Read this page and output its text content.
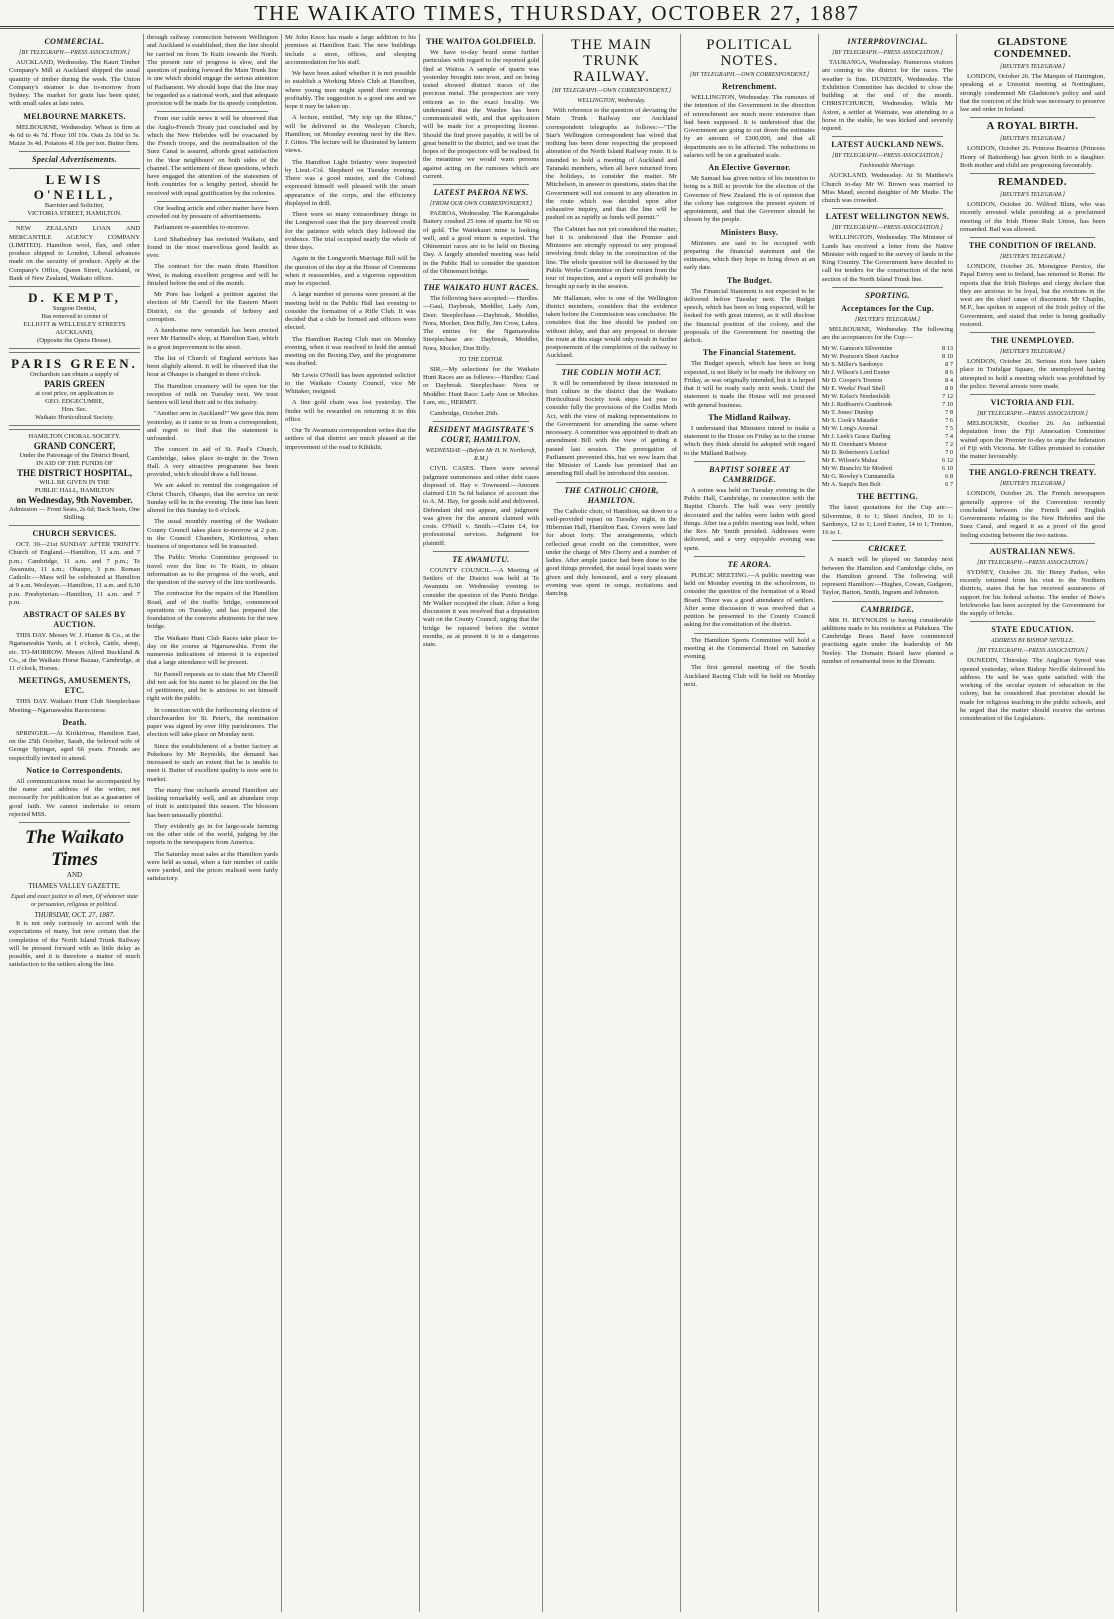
THE WAIKATO TIMES, THURSDAY, OCTOBER 27, 1887
COMMERCIAL.
[BY TELEGRAPH.—PRESS ASSOCIATION.]

AUCKLAND, Wednesday. The Kauri Timber Company's Mill at Auckland shipped the usual quantity of timber during the week. The Union Company's steamer is due to-morrow from Sydney. The market for grain has been quiet, with small sales at late rates.

MELBOURNE MARKETS.

MELBOURNE, Wednesday. Wheat is firm at 4s 6d to 4s 7d. Flour 10l 10s. Oats 2s 10d to 3s. Maize 3s 4d. Potatoes 4l 10s per ton. Butter firm.

Special Advertisements.
LEWIS O'NEILL,
Barrister and Solicitor,
VICTORIA STREET, HAMILTON.

NEW ZEALAND LOAN AND MERCANTILE AGENCY COMPANY (LIMITED). Hamilton wool, flax, and other produce shipped to London, Liberal advances made on the security of produce. Apply at the Company's Office, Queen Street, Auckland, or Bank of New Zealand, Waikato offices.

D. KEMPT,
Surgeon Dentist,
Has removed to corner of
ELLIOTT & WELLESLEY STREETS
AUCKLAND,
(Opposite the Opera House).
PARIS GREEN.
Orchardists can obtain a supply of
PARIS GREEN
at cost price, on application to
GEO. EDGECUMBE,
Hon. Sec.
Waikato Horticultural Society.
HAMILTON CHORAL SOCIETY.
GRAND CONCERT,
Under the Patronage of the District Board,
IN AID OF THE FUNDS OF
THE DISTRICT HOSPITAL,
WILL BE GIVEN IN THE
PUBLIC HALL, HAMILTON
on Wednesday, 9th November.
Admission — Front Seats, 2s 6d; Back Seats, One Shilling.
CHURCH SERVICES.

OCT. 30—21st SUNDAY AFTER TRINITY. Church of England.—Hamilton, 11 a.m. and 7 p.m.; Cambridge, 11 a.m. and 7 p.m.; Te Awamutu, 11 a.m.; Ohaupo, 3 p.m. Roman Catholic.—Mass will be celebrated at Hamilton at 9 a.m. Wesleyan.—Hamilton, 11 a.m. and 6.30 p.m. Presbyterian.—Hamilton, 11 a.m. and 7 p.m.

ABSTRACT OF SALES BY AUCTION.

THIS DAY. Messrs W. J. Hunter & Co., at the Ngaruawahia Yards, at 1 o'clock, Cattle, sheep, etc. TO-MORROW. Messrs Alfred Buckland & Co., at the Waikato Horse Bazaar, Cambridge, at 11 o'clock, Horses.

MEETINGS, AMUSEMENTS, ETC.

THIS DAY. Waikato Hunt Club Steeplechase Meeting—Ngaruawahia Racecourse.

Death.

SPRINGER.—At Kirikiriroa, Hamilton East, on the 25th October, Sarah, the beloved wife of George Springer, aged 66 years. Friends are respectfully invited to attend.

Notice to Correspondents.

All communications must be accompanied by the name and address of the writer, not necessarily for publication but as a guarantee of good faith. We cannot undertake to return rejected MSS.

The Waikato Times
AND
THAMES VALLEY GAZETTE.
Equal and exact justice to all men, Of whatever state or persuasion, religious or political.
THURSDAY, OCT. 27, 1887.

It is not only curiously in accord with the expectations of many, but now certain that the completion of the North Island Trunk Railway will be pressed forward with as little delay as possible, and it is therefore a matter of much satisfaction to the settlers along the line.

through railway connection between Wellington and Auckland is established, then the line should be carried on from Te Kuiti towards the North. The present rate of progress is slow, and the question of pushing forward the Main Trunk line is one which should engage the serious attention of Parliament. We should hope that the line may be regarded as a national work, and that adequate provision will be made for its speedy completion.

From our cable news it will be observed that the Anglo-French Treaty just concluded and by which the New Hebrides will be evacuated by the French troops, and the neutralisation of the Suez Canal is assured, affords great satisfaction to the 'dear neighbours' on both sides of the channel. The settlement of these questions, which have engaged the attention of the statesmen of both countries for a lengthy period, should be received with equal gratification by the colonies.

Our leading article and other matter have been crowded out by pressure of advertisements.

Parliament re-assembles to-morrow.

Lord Shaftesbury has revisited Waikato, and found in the most marvellous good health as ever.

The contract for the main drain Hamilton West, is making excellent progress and will be finished before the end of the month.

Mr Pore has lodged a petition against the election of Mr Carroll for the Eastern Maori District, on the grounds of bribery and corruption.

A handsome new verandah has been erected over Mr Hartnell's shop, at Hamilton East, which is a great improvement to the street.

The list of Church of England services has been slightly altered. It will be observed that the hour at Ohaupo is changed to three o'clock.

The Hamilton creamery will be open for the reception of milk on Tuesday next. We trust farmers will lend their aid to this industry.

"Another arm in Auckland!" We gave this item yesterday, as it came to us from a correspondent, and regret to find that the statement is unfounded.

The concert in aid of St. Paul's Church, Cambridge, takes place to-night in the Town Hall. A very attractive programme has been provided, which should draw a full house.

We are asked to remind the congregation of Christ Church, Ohaupo, that the service on next Sunday will be in the evening. The time has been altered for this Sunday to 6 o'clock.

The usual monthly meeting of the Waikato County Council takes place to-morrow at 2 p.m. in the Council Chambers, Kirikiriroa, when business of importance will be transacted.

The Public Works Committee proposed to travel over the line to Te Kuiti, to obtain information as to the progress of the work, and the question of the survey of the line northwards.

The contractor for the repairs of the Hamilton Road, and of the traffic bridge, commenced operations on Tuesday, and has prepared the foundation of the concrete abutments for the new bridge.

The Waikato Hunt Club Races take place to-day on the course at Ngaruawahia. From the numerous indications of interest it is expected that a large attendance will be present.

Sir Parnell requests us to state that Mr Cherrill did not ask for his name to be placed on the list of petitioners, and he is anxious to set himself right with the public.

In connection with the forthcoming election of churchwarden for St. Peter's, the nomination paper was signed by over fifty parishioners. The election will take place on Monday next.

Since the establishment of a butter factory at Pukekura by Mr Reynolds, the demand has increased to such an extent that he is unable to meet it. Butter of excellent quality is now sent to market.

The many fine orchards around Hamilton are looking remarkably well, and an abundant crop of fruit is anticipated this season. The blossom has been unusually plentiful.

They evidently go in for large-scale farming on the other side of the world, judging by the reports in the newspapers from America.

The Saturday meat sales at the Hamilton yards were held as usual, when a fair number of cattle were yarded, and the prices realised were fairly satisfactory.

Mr John Knox has made a large addition to his premises at Hamilton East. The new buildings include a store, offices, and sleeping accommodation for his staff.

We have been asked whether it is not possible to establish a Working Men's Club at Hamilton, where young men might spend their evenings profitably. The suggestion is a good one and we hope it may be taken up.

A lecture, entitled, "My trip up the Rhine," will be delivered in the Wesleyan Church, Hamilton, on Monday evening next by the Rev. J. Gittos. The lecture will be illustrated by lantern views.

The Hamilton Light Infantry were inspected by Lieut.-Col. Shepherd on Tuesday evening. There was a good muster, and the Colonel expressed himself well pleased with the smart appearance of the corps, and the efficiency displayed in drill.

There were so many extraordinary things in the Longwood case that the jury deserved credit for the patience with which they followed the evidence. The trial occupied nearly the whole of three days.

Again in the Longworth Marriage Bill will be the question of the day at the House of Commons when it reassembles, and a vigorous opposition may be expected.

A large number of persons were present at the meeting held in the Public Hall last evening to consider the formation of a Rifle Club. It was decided that a club be formed and officers were elected.

The Hamilton Racing Club met on Monday evening, when it was resolved to hold the annual meeting on the Boxing Day, and the programme was drafted.

Mr Lewis O'Neill has been appointed solicitor to the Waikato County Council, vice Mr Whitaker, resigned.

A fine gold chain was lost yesterday. The finder will be rewarded on returning it to this office.

Our Te Awamutu correspondent writes that the settlers of that district are much pleased at the improvement of the road to Kihikihi.

THE WAITOA GOLDFIELD.

We have to-day heard some further particulars with regard to the reported gold find at Waitoa. A sample of quartz was yesterday brought into town, and on being tested showed distinct traces of the precious metal. The prospectors are very reticent as to the exact locality. We understand that the Warden has been communicated with, and that application will be made for a prospecting license. Should the find prove payable, it will be of great benefit to the district, and we trust the hopes of the prospectors will be realised. In the meantime we would warn persons against acting on the rumours which are current.

LATEST PAEROA NEWS.
[FROM OUR OWN CORRESPONDENT.]

PAEROA, Wednesday. The Karangahake Battery crushed 25 tons of quartz for 90 oz of gold. The Waitekauri mine is looking well, and a good return is expected. The Ohinemuri races are to be held on Boxing Day. A largely attended meeting was held in the Public Hall to consider the question of the Ohinemuri bridge.

THE WAIKATO HUNT RACES.

The following have accepted:— Hurdles.—Gaul, Daybreak, Meddler, Lady Ann, Deer. Steeplechase.—Daybreak, Meddler, Nora, Mocker, Don Billy, Jim Crow, Lubra. The entries for the Ngaruawahia Steeplechase are: Daybreak, Meddler, Nora, Mocker, Don Billy.

TO THE EDITOR.

SIR,—My selections for the Waikato Hunt Races are as follows:—Hurdles: Gaul or Daybreak. Steeplechase: Nora or Meddler. Hunt Race: Lady Ann or Mocker. I am, etc., HERMIT.

Cambridge, October 26th.

RESIDENT MAGISTRATE'S COURT, HAMILTON.
WEDNESDAY.—(Before Mr H. W. Northcroft, R.M.)

CIVIL CASES. There were several judgment summonses and other debt cases disposed of. Hay v. Townsend.—Amount claimed £16 5s 6d balance of account due to A. M. Hay, for goods sold and delivered. Defendant did not appear, and judgment was given for the amount claimed with costs. O'Neill v. Smith.—Claim £4, for professional services. Judgment for plaintiff.

TE AWAMUTU.

COUNTY COUNCIL.—A Meeting of Settlers of the District was held at Te Awamutu on Wednesday evening to consider the question of the Puniu Bridge. Mr Walker occupied the chair. After a long discussion it was resolved that a deputation wait on the County Council, urging that the bridge be repaired before the winter months, as at present it is in a dangerous state.

THE MAIN TRUNK RAILWAY.
[BY TELEGRAPH.—OWN CORRESPONDENT.]
WELLINGTON, Wednesday.

With reference to the question of deviating the Main Trunk Railway our Auckland correspondent telegraphs as follows:—"The Star's Wellington correspondent has wired that nothing has been done respecting the proposed alteration of the North Island Railway route. It is intended to hold a meeting of Auckland and Taranaki members, when all have returned from the holidays, to consider the matter. Mr Mitchelson, in answer to questions, states that the Government will not consent to any alteration in the route which was decided upon after exhaustive inquiry, and that the line will be pushed on as rapidly as funds will permit."

The Cabinet has not yet considered the matter, but it is understood that the Premier and Ministers are strongly opposed to any proposal involving fresh delay in the construction of the line. The whole question will be discussed by the Public Works Committee on their return from the tour of inspection, and a report will probably be brought up early in the session.

Mr Hallaman, who is one of the Wellington district members, considers that the evidence taken before the Commission was conclusive. He considers that the line should be pushed on without delay, and that any proposal to deviate the route at this stage would only result in further postponement of the completion of the railway to Auckland.

THE CODLIN MOTH ACT.

It will be remembered by those interested in fruit culture in the district that the Waikato Horticultural Society took steps last year to consider fully the provisions of the Codlin Moth Act, with the view of making representations to the Government for amending the same where necessary. A committee was appointed to draft an amendment Bill with the view of getting it passed last session. The prorogation of Parliament prevented this, but we now learn that the Minister of Lands has promised that an amending Bill shall be introduced this session.

THE CATHOLIC CHOIR, HAMILTON.

The Catholic choir, of Hamilton, sat down to a well-provided repast on Tuesday night, in the Hibernian Hall, Hamilton East. Covers were laid for about forty. The arrangements, which reflected great credit on the committee, were under the charge of Mrs Cherry and a number of ladies. After ample justice had been done to the good things provided, the usual loyal toasts were given and duly honoured, and a very pleasant evening was spent in songs, recitations and dancing.

POLITICAL NOTES.
[BY TELEGRAPH.—OWN CORRESPONDENT.]
Retrenchment.

WELLINGTON, Wednesday. The rumours of the intention of the Government in the direction of retrenchment are much more extensive than had been supposed. It is understood that the Government are going to cut down the estimates by an amount of £300,000, and that all departments are to be affected. The reductions in salaries will be on a graduated scale.

An Elective Governor.

Mr Samuel has given notice of his intention to bring in a Bill to provide for the election of the Governor of New Zealand. He is of opinion that the colony has outgrown the present system of appointment, and that the Governor should be chosen by the people.

Ministers Busy.

Ministers are said to be occupied with preparing the financial statement and the estimates, which they hope to bring down at an early date.

The Budget.

The Financial Statement is not expected to be delivered before Tuesday next. The Budget speech, which has been so long expected, will be looked for with great interest, as it will disclose the financial position of the colony, and the proposals of the Government for meeting the deficit.

The Financial Statement.

The Budget speech, which has been so long expected, is not likely to be ready for delivery on Friday, as was originally intended, but it is hoped that it will be ready early next week. Until the statement is made the House will not proceed with general business.

The Midland Railway.

I understand that Ministers intend to make a statement to the House on Friday as to the course which they think should be adopted with regard to the Midland Railway.

BAPTIST SOIREE AT CAMBRIDGE.

A soiree was held on Tuesday evening in the Public Hall, Cambridge, in connection with the Baptist Church. The hall was very prettily decorated and the tables were laden with good things. After tea a public meeting was held, when the Rev. Mr Smith presided. Addresses were delivered, and a very enjoyable evening was spent.

TE ARORA.

PUBLIC MEETING.—A public meeting was held on Monday evening in the schoolroom, to consider the question of the formation of a Road Board. There was a good attendance of settlers. After some discussion it was resolved that a petition be presented to the County Council asking for the constitution of the district.

The Hamilton Sports Committee will hold a meeting at the Commercial Hotel on Saturday evening.

The first general meeting of the South Auckland Racing Club will be held on Monday next.

INTERPROVINCIAL.
[BY TELEGRAPH.—PRESS ASSOCIATION.]

TAURANGA, Wednesday. Numerous visitors are coming to the district for the races. The weather is fine. DUNEDIN, Wednesday. The Exhibition Committee has decided to close the building at the end of the month. CHRISTCHURCH, Wednesday. While Mr Axton, a settler at Waimate, was attending to a horse in the stable, he was kicked and severely injured.

LATEST AUCKLAND NEWS.
[BY TELEGRAPH.—PRESS ASSOCIATION.]
Fashionable Marriage.

AUCKLAND, Wednesday. At St Matthew's Church to-day Mr W. Brown was married to Miss Maud, second daughter of Mr Mudie. The church was crowded.

LATEST WELLINGTON NEWS.
[BY TELEGRAPH.—PRESS ASSOCIATION.]

WELLINGTON, Wednesday. The Minister of Lands has received a letter from the Native Minister with regard to the survey of lands in the King Country. The Government have decided to call for tenders for the construction of the next section of the North Island Trunk line.

SPORTING.
Acceptances for the Cup.
[REUTER'S TELEGRAM.]

MELBOURNE, Wednesday. The following are the acceptances for the Cup:—

Mr W. Gannon's Silvermine	8 13
Mr W. Pearson's Sheet Anchor	8 10
Mr S. Miller's Sardonyx	8 7
Mr J. Wilson's Lord Exeter	8 6
Mr D. Cooper's Trenton	8 4
Mr E. Weeks' Pearl Shell	8 0
Mr W. Kelso's Nordenfeldt	7 12
Mr J. Redfearn's Cranbrook	7 10
Mr T. Jones' Dunlop	7 8
Mr S. Cook's Matador	7 6
Mr W. Long's Arsenal	7 5
Mr J. Leek's Grace Darling	7 4
Mr H. Oxenham's Mentor	7 2
Mr D. Robertson's Lochiel	7 0
Mr E. Wilson's Malua	6 12
Mr W. Branch's Sir Modred	6 10
Mr G. Rowley's Cunnamulla	6 8
Mr A. Saqui's Ben Bolt	6 7
THE BETTING.

The latest quotations for the Cup are:—Silvermine, 8 to 1; Sheet Anchor, 10 to 1; Sardonyx, 12 to 1; Lord Exeter, 14 to 1; Trenton, 16 to 1.

CRICKET.

A match will be played on Saturday next between the Hamilton and Cambridge clubs, on the Hamilton ground. The following will represent Hamilton:—Hughes, Cowan, Gudgeon, Taylor, Barton, Smith, Ingram and Johnston.

CAMBRIDGE.

MR H. REYNOLDS is having considerable additions made to his residence at Pukekura. The Cambridge Brass Band have commenced practising again under the leadership of Mr Neeley. The Domain Board have planted a number of ornamental trees in the Domain.

GLADSTONE CONDEMNED.
[REUTER'S TELEGRAM.]

LONDON, October 26. The Marquis of Hartington, speaking at a Unionist meeting at Nottingham, strongly condemned Mr Gladstone's policy and said that the coercion of the Irish was necessary to preserve law and order in Ireland.

A ROYAL BIRTH.
[REUTER'S TELEGRAM.]

LONDON, October 26. Princess Beatrice (Princess Henry of Battenberg) has given birth to a daughter. Both mother and child are progressing favourably.

REMANDED.
[REUTER'S TELEGRAM.]

LONDON, October 26. Wilfred Blunt, who was recently arrested while presiding at a proclaimed meeting of the Irish Home Rule Union, has been remanded. Bail was allowed.

THE CONDITION OF IRELAND.
[REUTER'S TELEGRAM.]

LONDON, October 26. Monsignor Persico, the Papal Envoy sent to Ireland, has returned to Rome. He reports that the Irish Bishops and clergy declare that they are anxious to be loyal, but the evictions in the west are the chief cause of discontent. Mr Chaplin, M.P., has spoken in support of the Irish policy of the Government, and stated that order is being gradually restored.

THE UNEMPLOYED.
[REUTER'S TELEGRAM.]

LONDON, October 26. Serious riots have taken place in Trafalgar Square, the unemployed having attempted to hold a meeting which was prohibited by the police. Several arrests were made.

VICTORIA AND FIJI.
[BY TELEGRAPH.—PRESS ASSOCIATION.]

MELBOURNE, October 26. An influential deputation from the Fiji Annexation Committee waited upon the Premier to-day to urge the federation of Fiji with Victoria. Mr Gillies promised to consider the matter favourably.

THE ANGLO-FRENCH TREATY.
[REUTER'S TELEGRAM.]

LONDON, October 26. The French newspapers generally approve of the Convention recently concluded between the French and English Governments relating to the New Hebrides and the Suez Canal, and regard it as a proof of the good feeling existing between the two nations.

AUSTRALIAN NEWS.
[BY TELEGRAPH.—PRESS ASSOCIATION.]

SYDNEY, October 26. Sir Henry Parkes, who recently returned from his visit to the Northern districts, states that he has received assurances of support for his federal scheme. The tender of Bow's brickworks has been accepted by the Government for the supply of bricks.

STATE EDUCATION.
ADDRESS BY BISHOP NEVILLE.
[BY TELEGRAPH.—PRESS ASSOCIATION.]

DUNEDIN, Thursday. The Anglican Synod was opened yesterday, when Bishop Neville delivered his address. He said he was quite satisfied with the working of the secular system of education in the colony, but he considered that provision should be made for religious teaching in the public schools, and he urged that the matter should receive the serious consideration of the Legislature.
